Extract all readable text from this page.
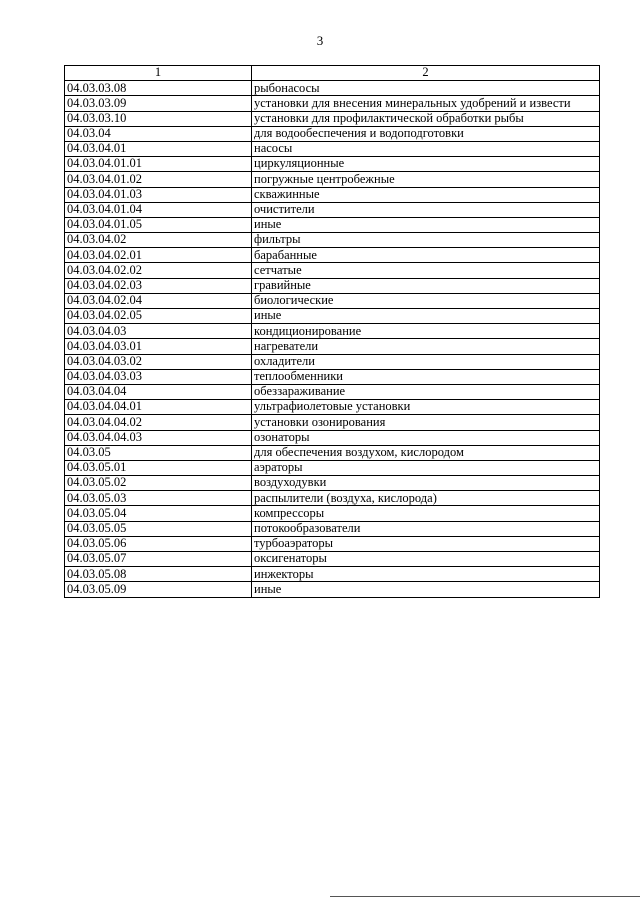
3
1	2
04.03.03.08	рыбонасосы
04.03.03.09	установки для внесения минеральных удобрений и извести
04.03.03.10	установки для профилактической обработки рыбы
04.03.04	для водообеспечения и водоподготовки
04.03.04.01	насосы
04.03.04.01.01	циркуляционные
04.03.04.01.02	погружные центробежные
04.03.04.01.03	скважинные
04.03.04.01.04	очистители
04.03.04.01.05	иные
04.03.04.02	фильтры
04.03.04.02.01	барабанные
04.03.04.02.02	сетчатые
04.03.04.02.03	гравийные
04.03.04.02.04	биологические
04.03.04.02.05	иные
04.03.04.03	кондиционирование
04.03.04.03.01	нагреватели
04.03.04.03.02	охладители
04.03.04.03.03	теплообменники
04.03.04.04	обеззараживание
04.03.04.04.01	ультрафиолетовые установки
04.03.04.04.02	установки озонирования
04.03.04.04.03	озонаторы
04.03.05	для обеспечения воздухом, кислородом
04.03.05.01	аэраторы
04.03.05.02	воздуходувки
04.03.05.03	распылители (воздуха, кислорода)
04.03.05.04	компрессоры
04.03.05.05	потокообразователи
04.03.05.06	турбоаэраторы
04.03.05.07	оксигенаторы
04.03.05.08	инжекторы
04.03.05.09	иные
